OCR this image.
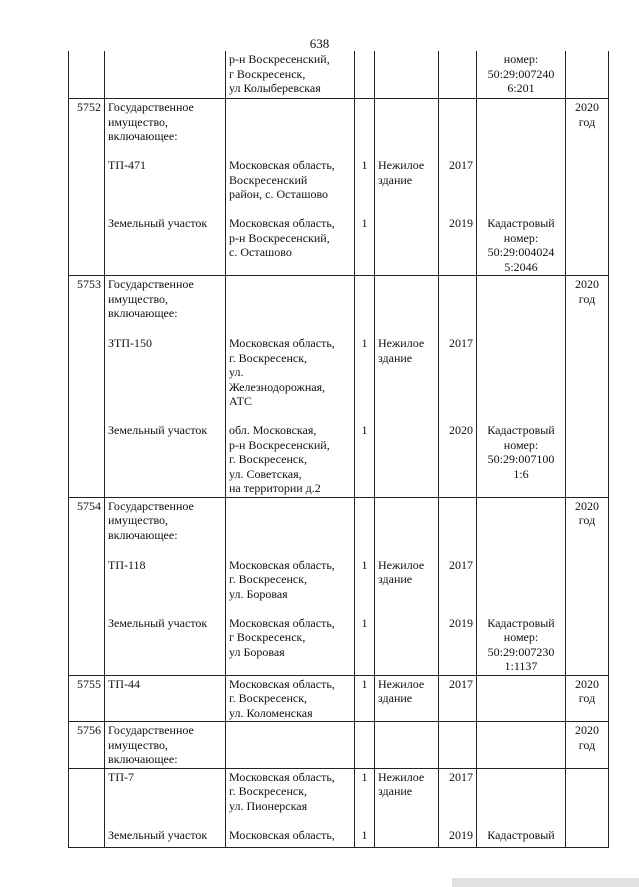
638
		р-н Воскресенский,
г Воскресенск,
ул Колыберевская				номер:
50:29:007240
6:201	
5752	Государственное
имущество,
включающее:						2020
год
	ТП-471	Московская область,
Воскресенский
район, с. Осташово	1	Нежилое
здание	2017		
	Земельный участок	Московская область,
р-н Воскресенский,
с. Осташово	1		2019	Кадастровый
номер:
50:29:004024
5:2046	
5753	Государственное
имущество,
включающее:						2020
год
	ЗТП-150	Московская область,
г. Воскресенск,
ул.
Железнодорожная,
АТС	1	Нежилое
здание	2017		
	Земельный участок	обл. Московская,
р-н Воскресенский,
г. Воскресенск,
ул. Советская,
на территории д.2	1		2020	Кадастровый
номер:
50:29:007100
1:6	
5754	Государственное
имущество,
включающее:						2020
год
	ТП-118	Московская область,
г. Воскресенск,
ул. Боровая	1	Нежилое
здание	2017		
	Земельный участок	Московская область,
г Воскресенск,
ул Боровая	1		2019	Кадастровый
номер:
50:29:007230
1:1137	
5755	ТП-44	Московская область,
г. Воскресенск,
ул. Коломенская	1	Нежилое
здание	2017		2020
год
5756	Государственное
имущество,
включающее:						2020
год
	ТП-7	Московская область,
г. Воскресенск,
ул. Пионерская	1	Нежилое
здание	2017		
	Земельный участок	Московская область,	1		2019	Кадастровый	
